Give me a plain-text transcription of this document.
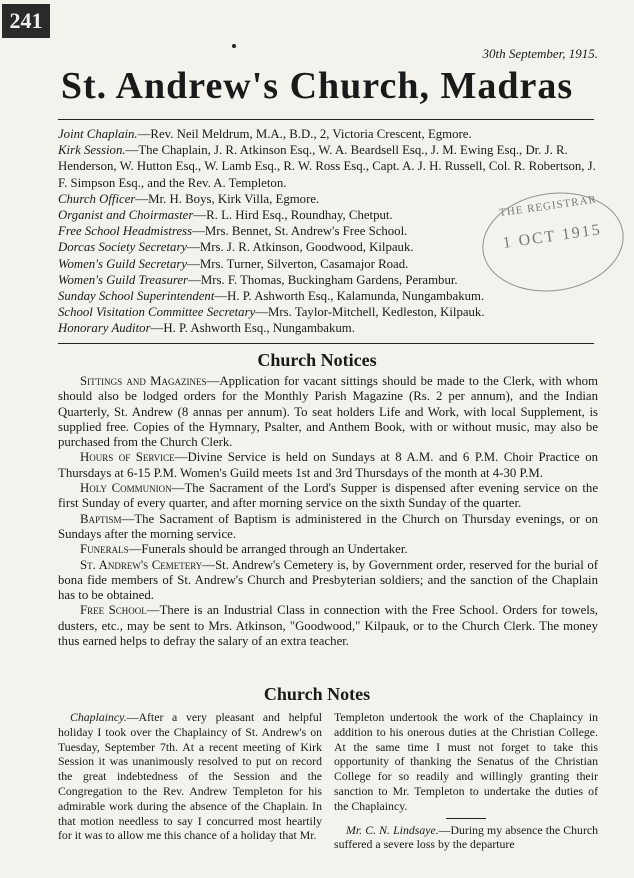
241
30th September, 1915.
St. Andrew's Church, Madras

Joint Chaplain.—Rev. Neil Meldrum, M.A., B.D., 2, Victoria Crescent, Egmore.

Kirk Session.—The Chaplain, J. R. Atkinson Esq., W. A. Beardsell Esq., J. M. Ewing Esq., Dr. J. R. Henderson, W. Hutton Esq., W. Lamb Esq., R. W. Ross Esq., Capt. A. J. H. Russell, Col. R. Robertson, J. F. Simpson Esq., and the Rev. A. Templeton.

Church Officer—Mr. H. Boys, Kirk Villa, Egmore.

Organist and Choirmaster—R. L. Hird Esq., Roundhay, Chetput.

Free School Headmistress—Mrs. Bennet, St. Andrew's Free School.

Dorcas Society Secretary—Mrs. J. R. Atkinson, Goodwood, Kilpauk.

Women's Guild Secretary—Mrs. Turner, Silverton, Casamajor Road.

Women's Guild Treasurer—Mrs. F. Thomas, Buckingham Gardens, Perambur.

Sunday School Superintendent—H. P. Ashworth Esq., Kalamunda, Nungambakum.

School Visitation Committee Secretary—Mrs. Taylor-Mitchell, Kedleston, Kilpauk.

Honorary Auditor—H. P. Ashworth Esq., Nungambakum.

THE REGISTRAR
1 OCT 1915
Church Notices

Sittings and Magazines—Application for vacant sittings should be made to the Clerk, with whom should also be lodged orders for the Monthly Parish Magazine (Rs. 2 per annum), and the Indian Quarterly, St. Andrew (8 annas per annum). To seat holders Life and Work, with local Supplement, is supplied free. Copies of the Hymnary, Psalter, and Anthem Book, with or without music, may also be purchased from the Church Clerk.

Hours of Service—Divine Service is held on Sundays at 8 A.M. and 6 P.M. Choir Practice on Thursdays at 6-15 P.M. Women's Guild meets 1st and 3rd Thursdays of the month at 4-30 P.M.

Holy Communion—The Sacrament of the Lord's Supper is dispensed after evening service on the first Sunday of every quarter, and after morning service on the sixth Sunday of the quarter.

Baptism—The Sacrament of Baptism is administered in the Church on Thursday evenings, or on Sundays after the morning service.

Funerals—Funerals should be arranged through an Undertaker.

St. Andrew's Cemetery—St. Andrew's Cemetery is, by Government order, reserved for the burial of bona fide members of St. Andrew's Church and Presbyterian soldiers; and the sanction of the Chaplain has to be obtained.

Free School—There is an Industrial Class in connection with the Free School. Orders for towels, dusters, etc., may be sent to Mrs. Atkinson, "Goodwood," Kilpauk, or to the Church Clerk. The money thus earned helps to defray the salary of an extra teacher.

Church Notes

Chaplaincy.—After a very pleasant and helpful holiday I took over the Chaplaincy of St. Andrew's on Tuesday, September 7th. At a recent meeting of Kirk Session it was unanimously resolved to put on record the great indebtedness of the Session and the Congregation to the Rev. Andrew Templeton for his admirable work during the absence of the Chaplain. In that motion needless to say I concurred most heartily for it was to allow me this chance of a holiday that Mr.

Templeton undertook the work of the Chaplaincy in addition to his onerous duties at the Christian College. At the same time I must not forget to take this opportunity of thanking the Senatus of the Christian College for so readily and willingly granting their sanction to Mr. Templeton to undertake the duties of the Chaplaincy.

Mr. C. N. Lindsaye.—During my absence the Church suffered a severe loss by the departure
